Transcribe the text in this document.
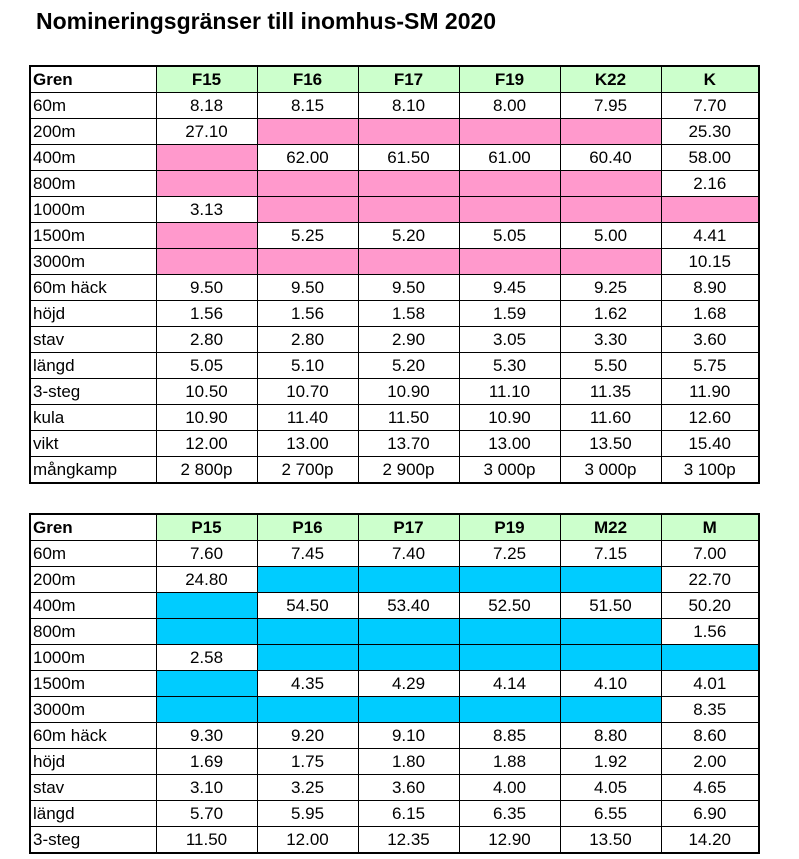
Nomineringsgränser till inomhus-SM 2020
Gren	F15	F16	F17	F19	K22	K
60m	8.18	8.15	8.10	8.00	7.95	7.70
200m	27.10					25.30
400m		62.00	61.50	61.00	60.40	58.00
800m						2.16
1000m	3.13					
1500m		5.25	5.20	5.05	5.00	4.41
3000m						10.15
60m häck	9.50	9.50	9.50	9.45	9.25	8.90
höjd	1.56	1.56	1.58	1.59	1.62	1.68
stav	2.80	2.80	2.90	3.05	3.30	3.60
längd	5.05	5.10	5.20	5.30	5.50	5.75
3-steg	10.50	10.70	10.90	11.10	11.35	11.90
kula	10.90	11.40	11.50	10.90	11.60	12.60
vikt	12.00	13.00	13.70	13.00	13.50	15.40
mångkamp	2 800p	2 700p	2 900p	3 000p	3 000p	3 100p
Gren	P15	P16	P17	P19	M22	M
60m	7.60	7.45	7.40	7.25	7.15	7.00
200m	24.80					22.70
400m		54.50	53.40	52.50	51.50	50.20
800m						1.56
1000m	2.58					
1500m		4.35	4.29	4.14	4.10	4.01
3000m						8.35
60m häck	9.30	9.20	9.10	8.85	8.80	8.60
höjd	1.69	1.75	1.80	1.88	1.92	2.00
stav	3.10	3.25	3.60	4.00	4.05	4.65
längd	5.70	5.95	6.15	6.35	6.55	6.90
3-steg	11.50	12.00	12.35	12.90	13.50	14.20
